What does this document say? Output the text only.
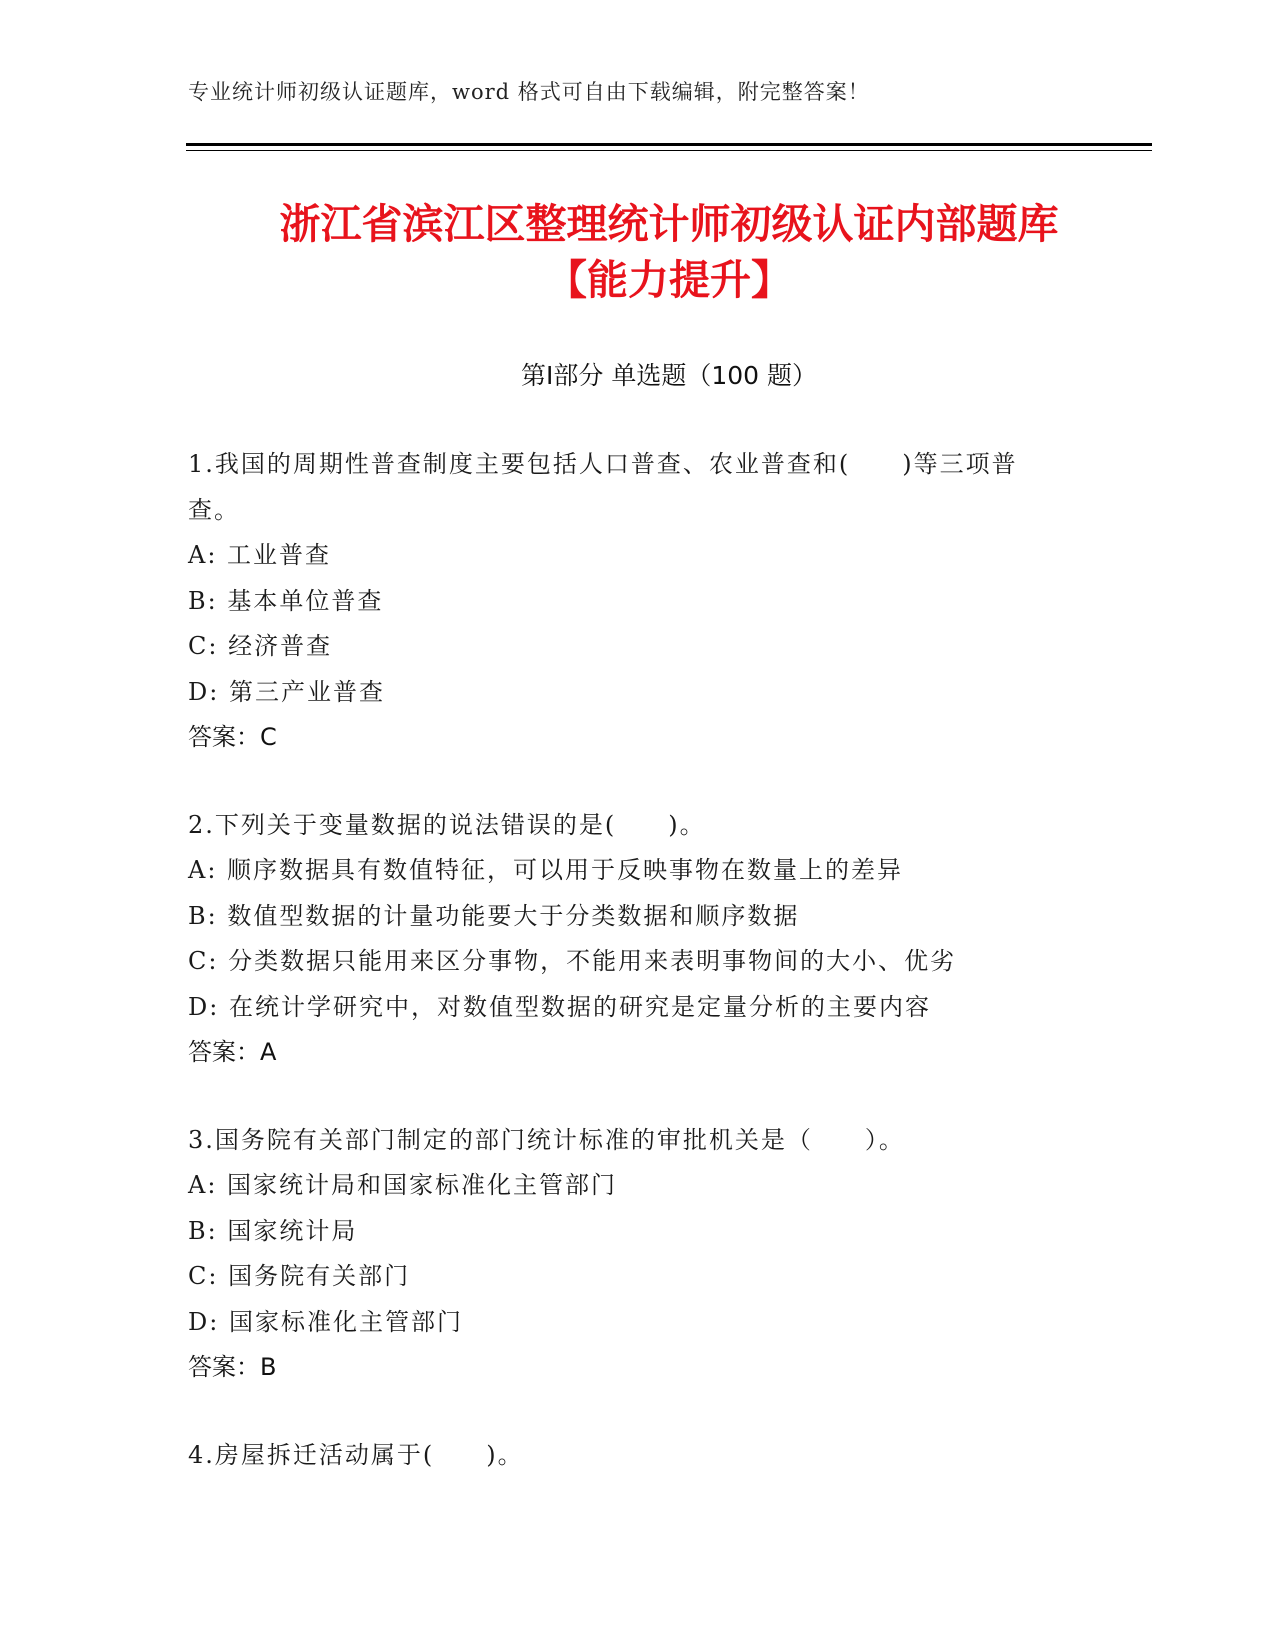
专业统计师初级认证题库，word 格式可自由下载编辑，附完整答案！
浙江省滨江区整理统计师初级认证内部题库
【能力提升】
第Ⅰ部分 单选题（100 题）

1.我国的周期性普查制度主要包括人口普查、农业普查和(　　)等三项普查。

A: 工业普查

B: 基本单位普查

C: 经济普查

D: 第三产业普查

答案：C

2.下列关于变量数据的说法错误的是(　　)。

A: 顺序数据具有数值特征，可以用于反映事物在数量上的差异

B: 数值型数据的计量功能要大于分类数据和顺序数据

C: 分类数据只能用来区分事物，不能用来表明事物间的大小、优劣

D: 在统计学研究中，对数值型数据的研究是定量分析的主要内容

答案：A

3.国务院有关部门制定的部门统计标准的审批机关是（　　）。

A: 国家统计局和国家标准化主管部门

B: 国家统计局

C: 国务院有关部门

D: 国家标准化主管部门

答案：B

4.房屋拆迁活动属于(　　)。
